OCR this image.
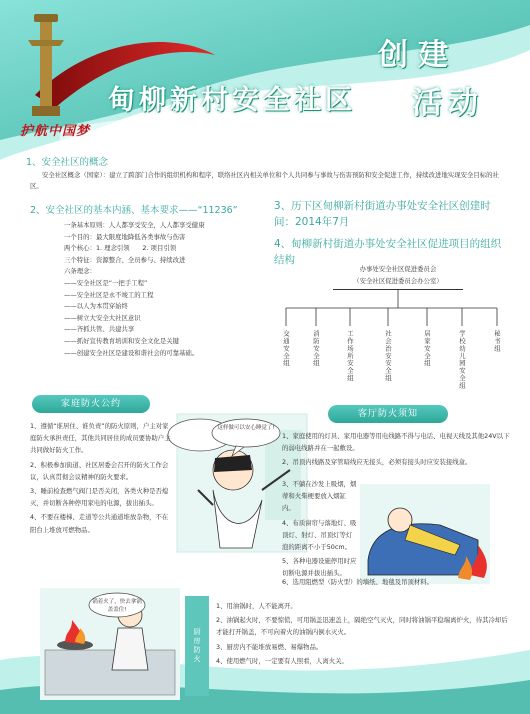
创建
甸柳新村安全社区 活动
护航中国梦
1、安全社区的概念
安全社区概念（国家）：建立了跨部门合作的组织机构和程序，联络社区内相关单位和个人共同参与事故与伤害预防和安全促进工作，持续改进地实现安全目标的社区。
2、安全社区的基本内涵、基本要求——“11236”
一条基本原则：人人都享受安全，人人都享受健康
一个目的：最大限度地降低各类事故与伤害
两个核心：1. 理念引领　　2. 项目引领
三个特征：资源整合、全员参与、持续改进
六条理念：
——安全社区是“一把手工程”
——安全社区是永不竣工的工程
——以人为本贯穿始终
——树立大安全大社区意识
——齐抓共管、共建共享
——抓好宣传教育培训和安全文化是关键
——创建安全社区是建设和谐社会的可靠基础。
3、历下区甸柳新村街道办事处安全社区创建时间：2014年7月
4、甸柳新村街道办事处安全社区促进项目的组织结构
办事处安全社区促进委员会
（安全社区促进委员会办公室）
交通安全组	消防安全组	工作场所安全组	社会治安安全组	居家安全组	学校幼儿园安全组	秘书组
家庭防火公约
这样做可以安心睡觉了!

1、遵循“谁居住、谁负责”的防火原则，户主对家庭防火承担责任，其他共同居住的成员要协助户主共同做好防火工作。

2、积极参加街道、社区居委会召开的防火工作会议，认真贯彻会议精神的防火要求。

3、睡前检查燃气阀门是否关闭，各类火种是否熄灭，并切断各种停用家电的电源，拔出插头。

4、不要在楼梯、走道等公共通道堆放杂物，不在阳台上堆放可燃物品。

客厅防火须知

1、家庭使用的灯具、家用电器等用电线路不得与电话、电视天线及其他24V以下的弱电线路并在一起敷设。

2、吊顶内线路及穿管暗线应无接头，必须有接头时应安装接线盒。

3、不躺在沙发上吸烟，烟蒂和火柴梗要放入烟缸内。

4、布质窗帘与落地灯、吸顶灯、射灯、吊顶灯等灯泡的距离不小于50cm。

5、各种电器设施停用时应切断电源并拔出插头。

6、选用阻燃型（防火型）的墙纸、地毯及吊顶材料。

厨房防火
锅着火了，快去拿锅盖盖住!	1、用油锅时，人不能离开。

2、油锅起火时，不要惊慌，可用锅盖迅速盖上，隔绝空气灭火，同时将油锅平稳端离炉火，待其冷却后才能打开锅盖，不可向着火的油锅内倒水灭火。

3、厨房内不能堆放易燃、易爆物品。

4、使用燃气时，一定要有人照看，人离火关。
